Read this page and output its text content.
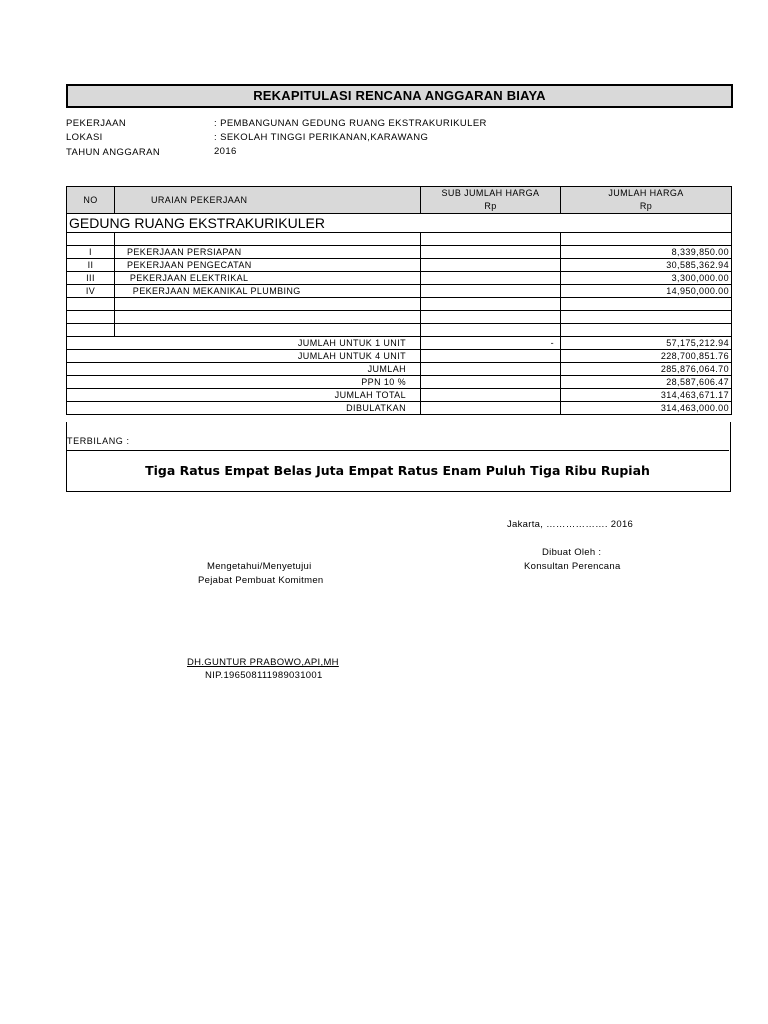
REKAPITULASI RENCANA ANGGARAN BIAYA
PEKERJAAN	: PEMBANGUNAN GEDUNG RUANG EKSTRAKURIKULER
LOKASI	: SEKOLAH TINGGI PERIKANAN,KARAWANG
TAHUN ANGGARAN	2016
NO	URAIAN PEKERJAAN	SUB JUMLAH HARGA	JUMLAH HARGA
		Rp	Rp
GEDUNG RUANG EKSTRAKURIKULER			

I	PEKERJAAN PERSIAPAN		8,339,850.00
II	PEKERJAAN PENGECATAN		30,585,362.94
III	PEKERJAAN ELEKTRIKAL		3,300,000.00
IV	PEKERJAAN MEKANIKAL PLUMBING		14,950,000.00

JUMLAH UNTUK 1 UNIT		-	57,175,212.94
JUMLAH UNTUK 4 UNIT			228,700,851.76
JUMLAH			285,876,064.70
PPN 10 %			28,587,606.47
JUMLAH TOTAL			314,463,671.17
DIBULATKAN			314,463,000.00
TERBILANG :
Tiga Ratus Empat Belas Juta Empat Ratus Enam Puluh Tiga Ribu Rupiah
Jakarta, ………………. 2016
Dibuat Oleh :
Konsultan Perencana
Mengetahui/Menyetujui
Pejabat Pembuat Komitmen
DH.GUNTUR PRABOWO,API,MH
NIP.196508111989031001
